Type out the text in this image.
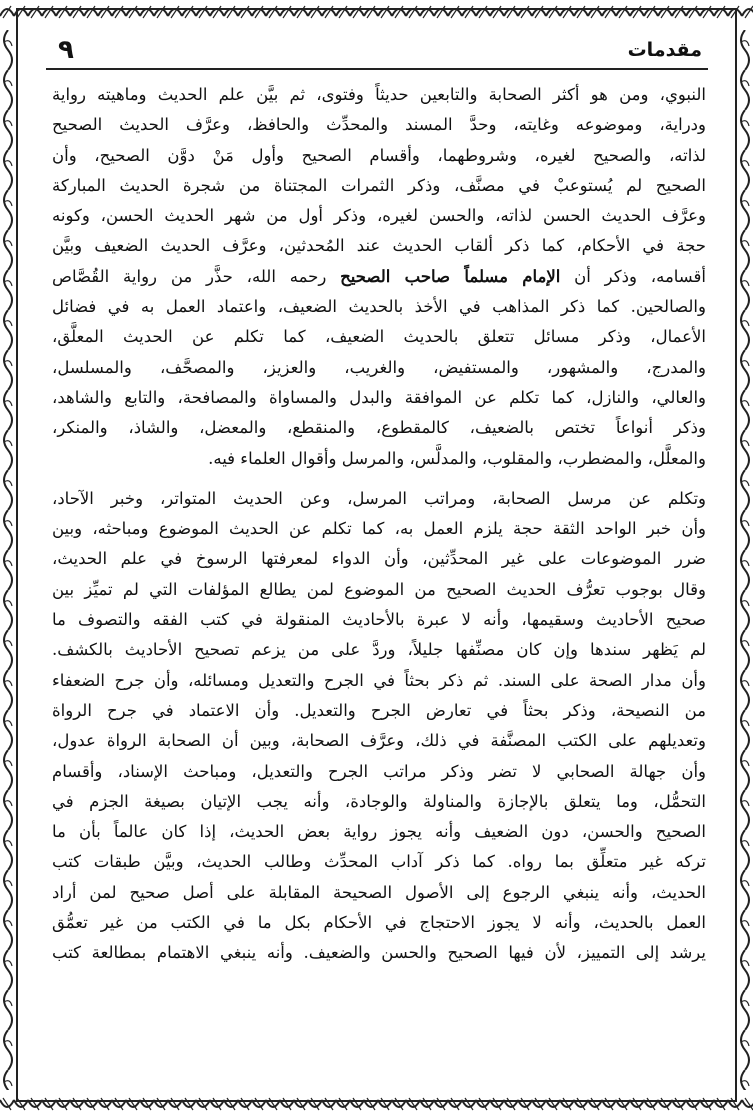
٩	مقدمات
النبوي، ومن هو أكثر الصحابة والتابعين حديثاً وفتوى، ثم بيَّن علم الحديث وماهيته رواية
ودراية، وموضوعه وغايته، وحدَّ المسند والمحدِّث والحافظ، وعرَّف الحديث الصحيح
لذاته، والصحيح لغيره، وشروطهما، وأقسام الصحيح وأول مَنْ دوَّن الصحيح، وأن
الصحيح لم يُستوعبْ في مصنَّف، وذكر الثمرات المجتناة من شجرة الحديث المباركة
وعرَّف الحديث الحسن لذاته، والحسن لغيره، وذكر أول من شهر الحديث الحسن، وكونه
حجة في الأحكام، كما ذكر ألقاب الحديث عند المُحدثين، وعرَّف الحديث الضعيف وبيَّن
أقسامه، وذكر أن الإمام مسلماً صاحب الصحيح رحمه الله، حذَّر من رواية القُصَّاص
والصالحين. كما ذكر المذاهب في الأخذ بالحديث الضعيف، واعتماد العمل به في فضائل
الأعمال، وذكر مسائل تتعلق بالحديث الضعيف، كما تكلم عن الحديث المعلَّق،
والمدرج، والمشهور، والمستفيض، والغريب، والعزيز، والمصحَّف، والمسلسل،
والعالي، والنازل، كما تكلم عن الموافقة والبدل والمساواة والمصافحة، والتابع والشاهد،
وذكر أنواعاً تختص بالضعيف، كالمقطوع، والمنقطع، والمعضل، والشاذ، والمنكر،
والمعلَّل، والمضطرب، والمقلوب، والمدلَّس، والمرسل وأقوال العلماء فيه.
وتكلم عن مرسل الصحابة، ومراتب المرسل، وعن الحديث المتواتر، وخبر الآحاد،
وأن خبر الواحد الثقة حجة يلزم العمل به، كما تكلم عن الحديث الموضوع ومباحثه، وبين
ضرر الموضوعات على غير المحدِّثين، وأن الدواء لمعرفتها الرسوخ في علم الحديث،
وقال بوجوب تعرُّف الحديث الصحيح من الموضوع لمن يطالع المؤلفات التي لم تميِّز بين
صحيح الأحاديث وسقيمها، وأنه لا عبرة بالأحاديث المنقولة في كتب الفقه والتصوف ما
لم يَظهر سندها وإن كان مصنِّفها جليلاً، وردَّ على من يزعم تصحيح الأحاديث بالكشف.
وأن مدار الصحة على السند. ثم ذكر بحثاً في الجرح والتعديل ومسائله، وأن جرح الضعفاء
من النصيحة، وذكر بحثاً في تعارض الجرح والتعديل. وأن الاعتماد في جرح الرواة
وتعديلهم على الكتب المصنَّفة في ذلك، وعرَّف الصحابة، وبين أن الصحابة الرواة عدول،
وأن جهالة الصحابي لا تضر وذكر مراتب الجرح والتعديل، ومباحث الإسناد، وأقسام
التحمُّل، وما يتعلق بالإجازة والمناولة والوجادة، وأنه يجب الإتيان بصيغة الجزم في
الصحيح والحسن، دون الضعيف وأنه يجوز رواية بعض الحديث، إذا كان عالماً بأن ما
تركه غير متعلِّق بما رواه. كما ذكر آداب المحدِّث وطالب الحديث، وبيَّن طبقات كتب
الحديث، وأنه ينبغي الرجوع إلى الأصول الصحيحة المقابلة على أصل صحيح لمن أراد
العمل بالحديث، وأنه لا يجوز الاحتجاج في الأحكام بكل ما في الكتب من غير تعمُّق
يرشد إلى التمييز، لأن فيها الصحيح والحسن والضعيف. وأنه ينبغي الاهتمام بمطالعة كتب
